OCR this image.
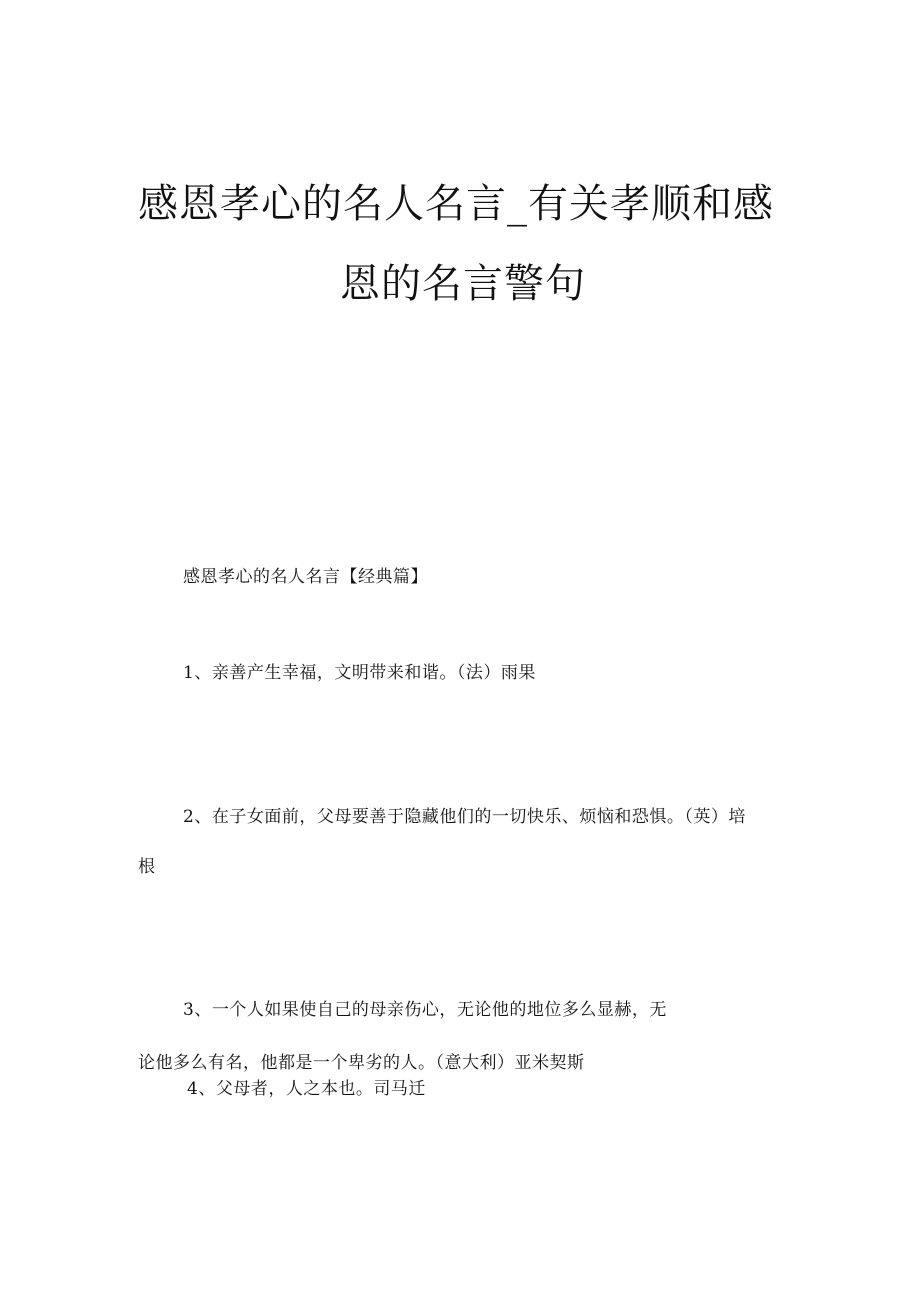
感恩孝心的名人名言_有关孝顺和感
恩的名言警句
感恩孝心的名人名言【经典篇】
1、亲善产生幸福，文明带来和谐。（法）雨果
2、在子女面前，父母要善于隐藏他们的一切快乐、烦恼和恐惧。（英）培
根
3、一个人如果使自己的母亲伤心，无论他的地位多么显赫，无
论他多么有名，他都是一个卑劣的人。（意大利）亚米契斯
4、父母者，人之本也。司马迁
